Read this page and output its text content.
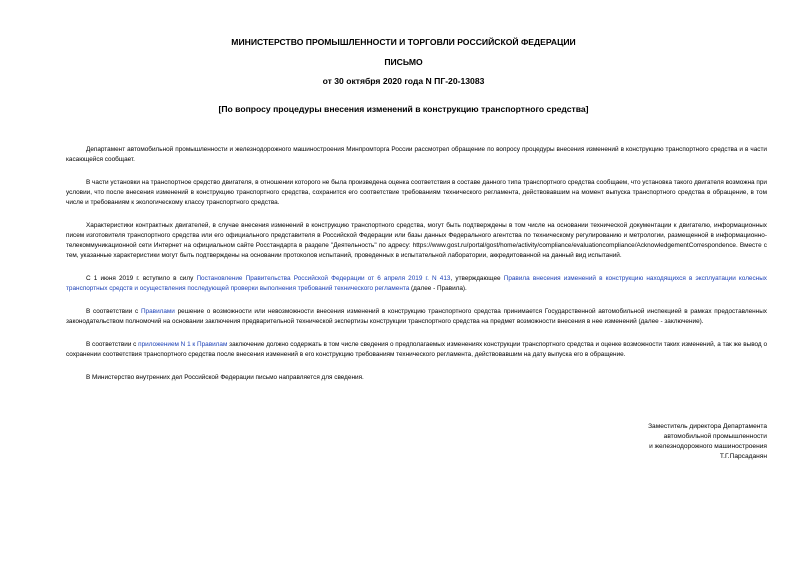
МИНИСТЕРСТВО ПРОМЫШЛЕННОСТИ И ТОРГОВЛИ РОССИЙСКОЙ ФЕДЕРАЦИИ
ПИСЬМО
от 30 октября 2020 года N ПГ-20-13083
[По вопросу процедуры внесения изменений в конструкцию транспортного средства]

Департамент автомобильной промышленности и железнодорожного машиностроения Минпромторга России рассмотрел обращение по вопросу процедуры внесения изменений в конструкцию транспортного средства и в части касающейся сообщает.

В части установки на транспортное средство двигателя, в отношении которого не была произведена оценка соответствия в составе данного типа транспортного средства сообщаем, что установка такого двигателя возможна при условии, что после внесения изменений в конструкцию транспортного средства, сохранится его соответствие требованиям технического регламента, действовавшим на момент выпуска транспортного средства в обращение, в том числе и требованиям к экологическому классу транспортного средства.

Характеристики контрактных двигателей, в случае внесения изменений в конструкцию транспортного средства, могут быть подтверждены в том числе на основании технической документации к двигателю, информационных писем изготовителя транспортного средства или его официального представителя в Российской Федерации или базы данных Федерального агентства по техническому регулированию и метрологии, размещенной в информационно-телекоммуникационной сети Интернет на официальном сайте Росстандарта в разделе "Деятельность" по адресу: https://www.gost.ru/portal/gost/home/activity/compliance/evaluationcompliance/AcknowledgementCorrespondence. Вместе с тем, указанные характеристики могут быть подтверждены на основании протоколов испытаний, проведенных в испытательной лаборатории, аккредитованной на данный вид испытаний.

С 1 июня 2019 г. вступило в силу Постановление Правительства Российской Федерации от 6 апреля 2019 г. N 413, утверждающее Правила внесения изменений в конструкцию находящихся в эксплуатации колесных транспортных средств и осуществления последующей проверки выполнения требований технического регламента (далее - Правила).

В соответствии с Правилами решение о возможности или невозможности внесения изменений в конструкцию транспортного средства принимается Государственной автомобильной инспекцией в рамках предоставленных законодательством полномочий на основании заключения предварительной технической экспертизы конструкции транспортного средства на предмет возможности внесения в нее изменений (далее - заключение).

В соответствии с приложением N 1 к Правилам заключение должно содержать в том числе сведения о предполагаемых изменениях конструкции транспортного средства и оценке возможности таких изменений, а так же вывод о сохранении соответствия транспортного средства после внесения изменений в его конструкцию требованиям технического регламента, действовавшим на дату выпуска его в обращение.

В Министерство внутренних дел Российской Федерации письмо направляется для сведения.

Заместитель директора Департамента
автомобильной промышленности
и железнодорожного машиностроения
Т.Г.Парсаданян
